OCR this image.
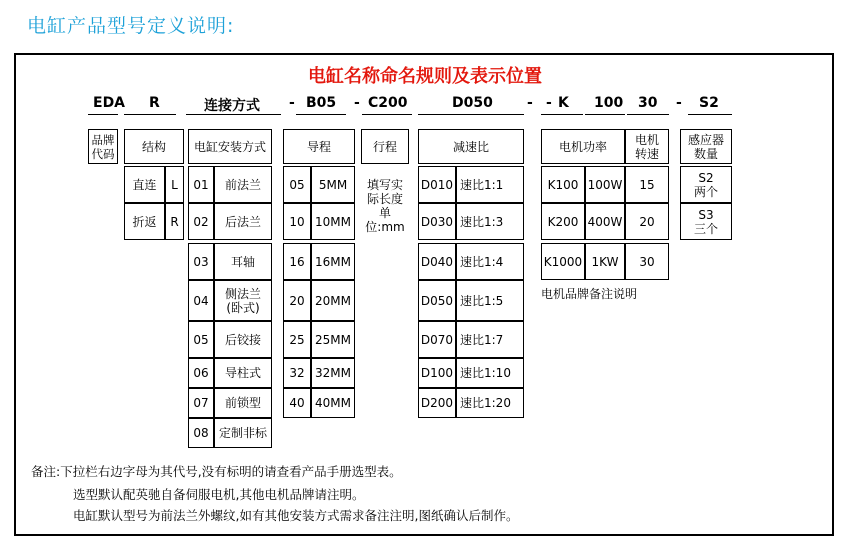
电缸产品型号定义说明:
电缸名称命名规则及表示位置
EDA R	连接方式 - B05 - C200	D050 - - K 100 30 - S2
品牌代码	结构
直连	L
折返	R
电缸安装方式
01	前法兰
02	后法兰
03	耳轴
04	侧法兰(卧式)
05	后铰接
06	导柱式
07	前锁型
08 定制非标
导程
05	5MM
10 10MM
16 16MM
20 20MM
25 25MM
32 32MM
40 40MM
行程
填写实际长度单位:mm
减速比
D010 速比1:1
D030 速比1:3
D040 速比1:4
D050 速比1:5
D070 速比1:7
D100 速比1:10
D200 速比1:20
电机功率	电机转速
K100 100W	15
K200 400W	20
K1000 1KW	30
电机品牌备注说明
感应器数量
S2
两个
S3
三个
备注:下拉栏右边字母为其代号,没有标明的请查看产品手册选型表。
选型默认配英驰自备伺服电机,其他电机品牌请注明。
电缸默认型号为前法兰外螺纹,如有其他安装方式需求备注注明,图纸确认后制作。
